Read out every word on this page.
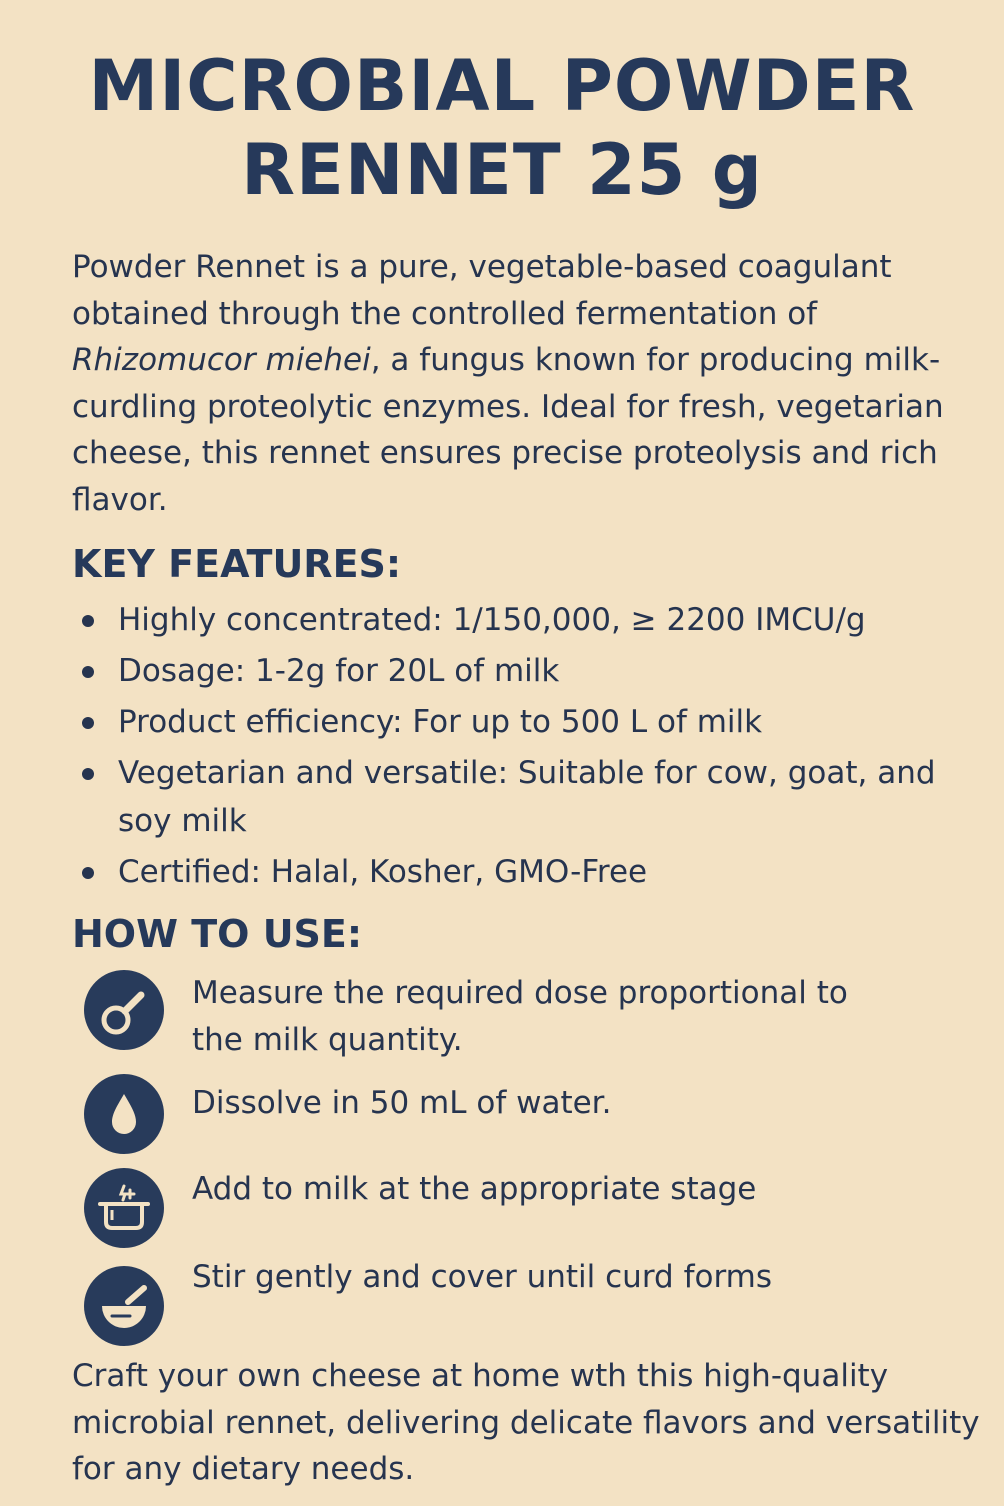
MICROBIAL POWDER
RENNET 25 g

Powder Rennet is a pure, vegetable-based coagulant obtained through the controlled fermentation of Rhizomucor miehei, a fungus known for producing milk-curdling proteolytic enzymes. Ideal for fresh, vegetarian cheese, this rennet ensures precise proteolysis and rich flavor.

KEY FEATURES:
Highly concentrated: 1/150,000, ≥ 2200 IMCU/g
Dosage: 1-2g for 20L of milk
Product efficiency: For up to 500 L of milk
Vegetarian and versatile: Suitable for cow, goat, and soy milk
Certified: Halal, Kosher, GMO-Free
HOW TO USE:
Measure the required dose proportional to the milk quantity.
Dissolve in 50 mL of water.
Add to milk at the appropriate stage
Stir gently and cover until curd forms

Craft your own cheese at home wth this high-quality microbial rennet, delivering delicate flavors and versatility for any dietary needs.
